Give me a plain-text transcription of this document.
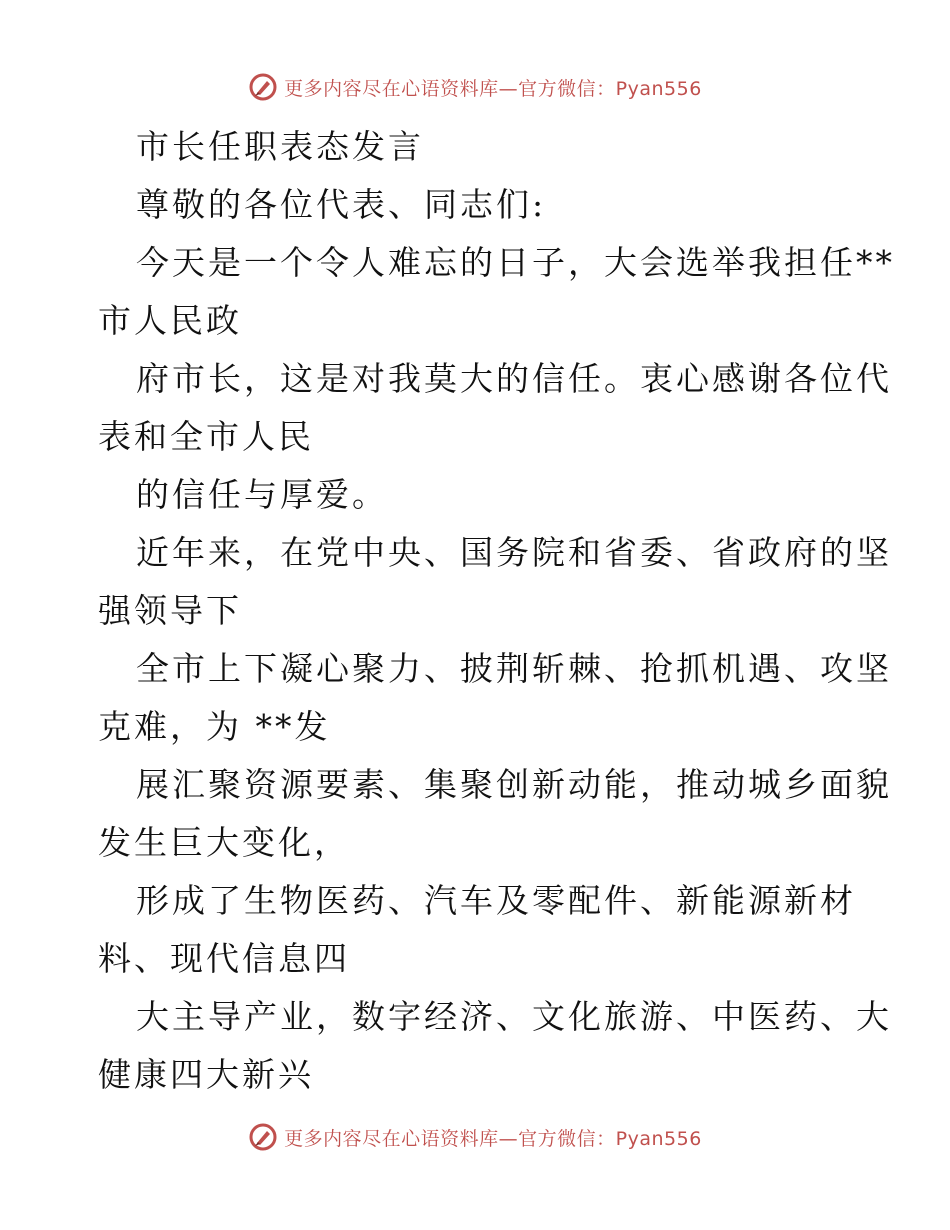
更多内容尽在心语资料库—官方微信：Pyan556
市长任职表态发言
尊敬的各位代表、同志们:
今天是一个令人难忘的日子，大会选举我担任**
市人民政
府市长，这是对我莫大的信任。衷心感谢各位代
表和全市人民
的信任与厚爱。
近年来，在党中央、国务院和省委、省政府的坚
强领导下
全市上下凝心聚力、披荆斩棘、抢抓机遇、攻坚
克难，为 **发
展汇聚资源要素、集聚创新动能，推动城乡面貌
发生巨大变化，
形成了生物医药、汽车及零配件、新能源新材
料、现代信息四
大主导产业，数字经济、文化旅游、中医药、大
健康四大新兴
更多内容尽在心语资料库—官方微信：Pyan556
